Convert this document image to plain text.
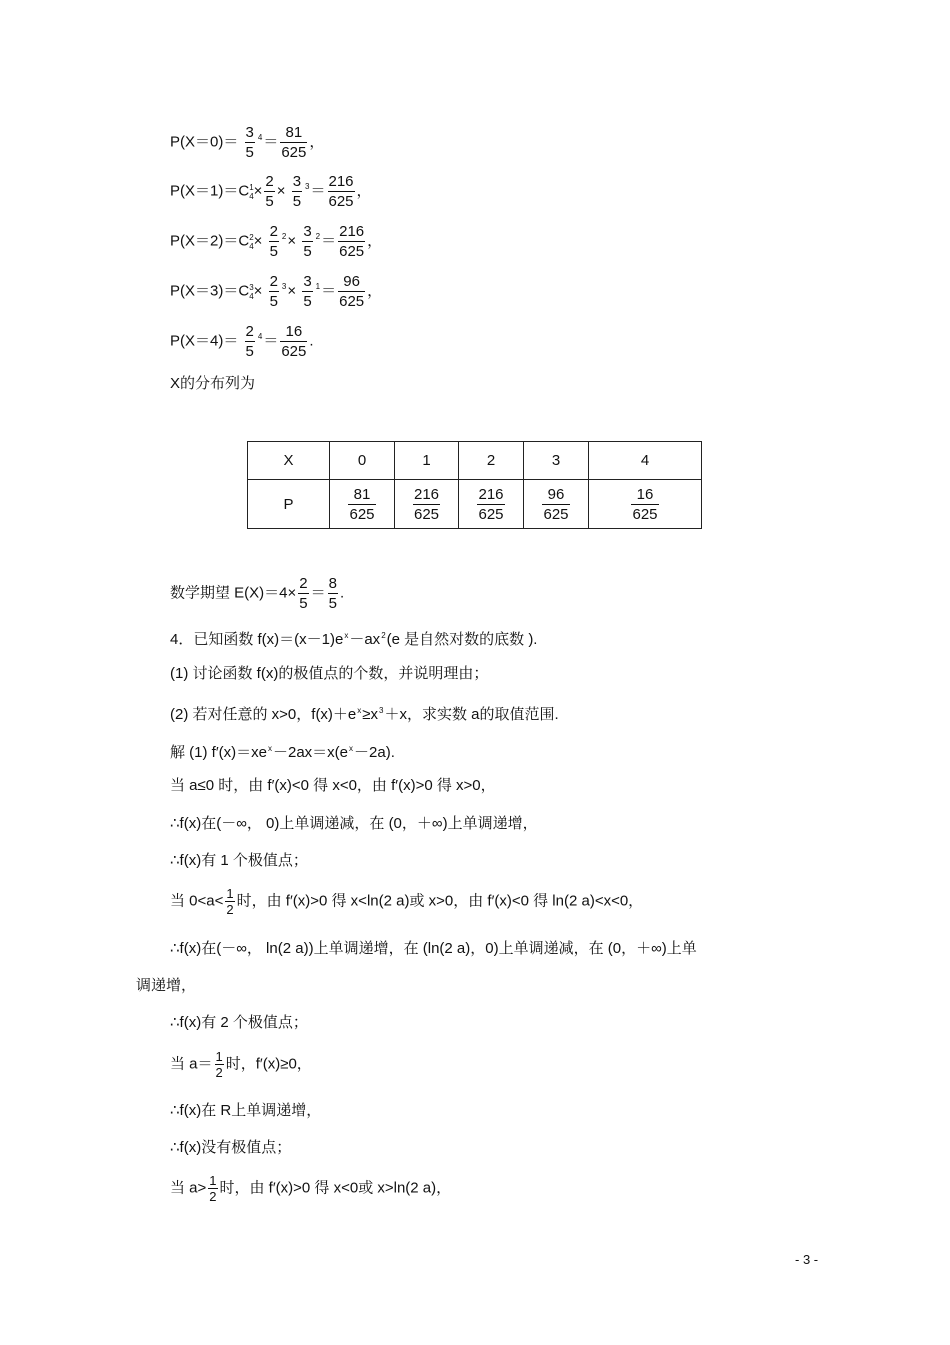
$P(X=0)= \frac{3}{5} ^4= \frac{81}{625}$ ，
P(X＝1)＝C 1
$4 \times \frac{2}{5} \times \frac{3}{5} ^3= \frac{216}{625}$ ，
P(X＝2)＝C 2
$4 \times \frac{2}{5} ^2\times \frac{3}{5} ^2= \frac{216}{625}$ ，
P(X＝3)＝C 3
$4 \times \frac{2}{5} ^3\times \frac{3}{5} ^1= \frac{96}{625}$ ，
$P(X=4)= \frac{2}{5} ^4= \frac{16}{625}$ .
X的分布列为
X	0	1	2	3	4
P	$\frac{81}{625}$	$\frac{216}{625}$	$\frac{216}{625}$	$\frac{96}{625}$	$\frac{16}{625}$
数学期望 $E(X)=4\times \frac{2}{5} = \frac{8}{5}$ .
4．已知函数 $f(x)=(x-1)e^x-ax^2(e$ 是自然对数的底数 ).
(1) 讨论函数 f(x)的极值点的个数，并说明理由；
(2) 若对任意的 x>0，$f(x)+e^x\ge x^3+x$，求实数 a的取值范围.
解 (1) $f'(x)=xe^x-2ax=x(e^x-2a)$.
当 a≤0 时，由 f′(x)<0 得 x<0，由 f′(x)>0 得 x>0，
∴f(x)在(－∞， 0)上单调递减，在 (0，＋∞)上单调递增，
∴f(x)有 1 个极值点；
当 $0<a< \frac{1}{2}$ 时，由 f′(x)>0 得 x<ln(2 a)或 x>0，由 f′(x)<0 得 ln(2 a)<x<0，
∴f(x)在(－∞， ln(2 a))上单调递增，在 (ln(2 a)，0)上单调递减，在 (0，＋∞)上单
调递增，
∴f(x)有 2 个极值点；
当 $a= \frac{1}{2}$ 时，f′(x)≥0，
∴f(x)在 R上单调递增，
∴f(x)没有极值点；
当 $a> \frac{1}{2}$ 时，由 f′(x)>0 得 x<0或 x>ln(2 a)，
- 3 -
